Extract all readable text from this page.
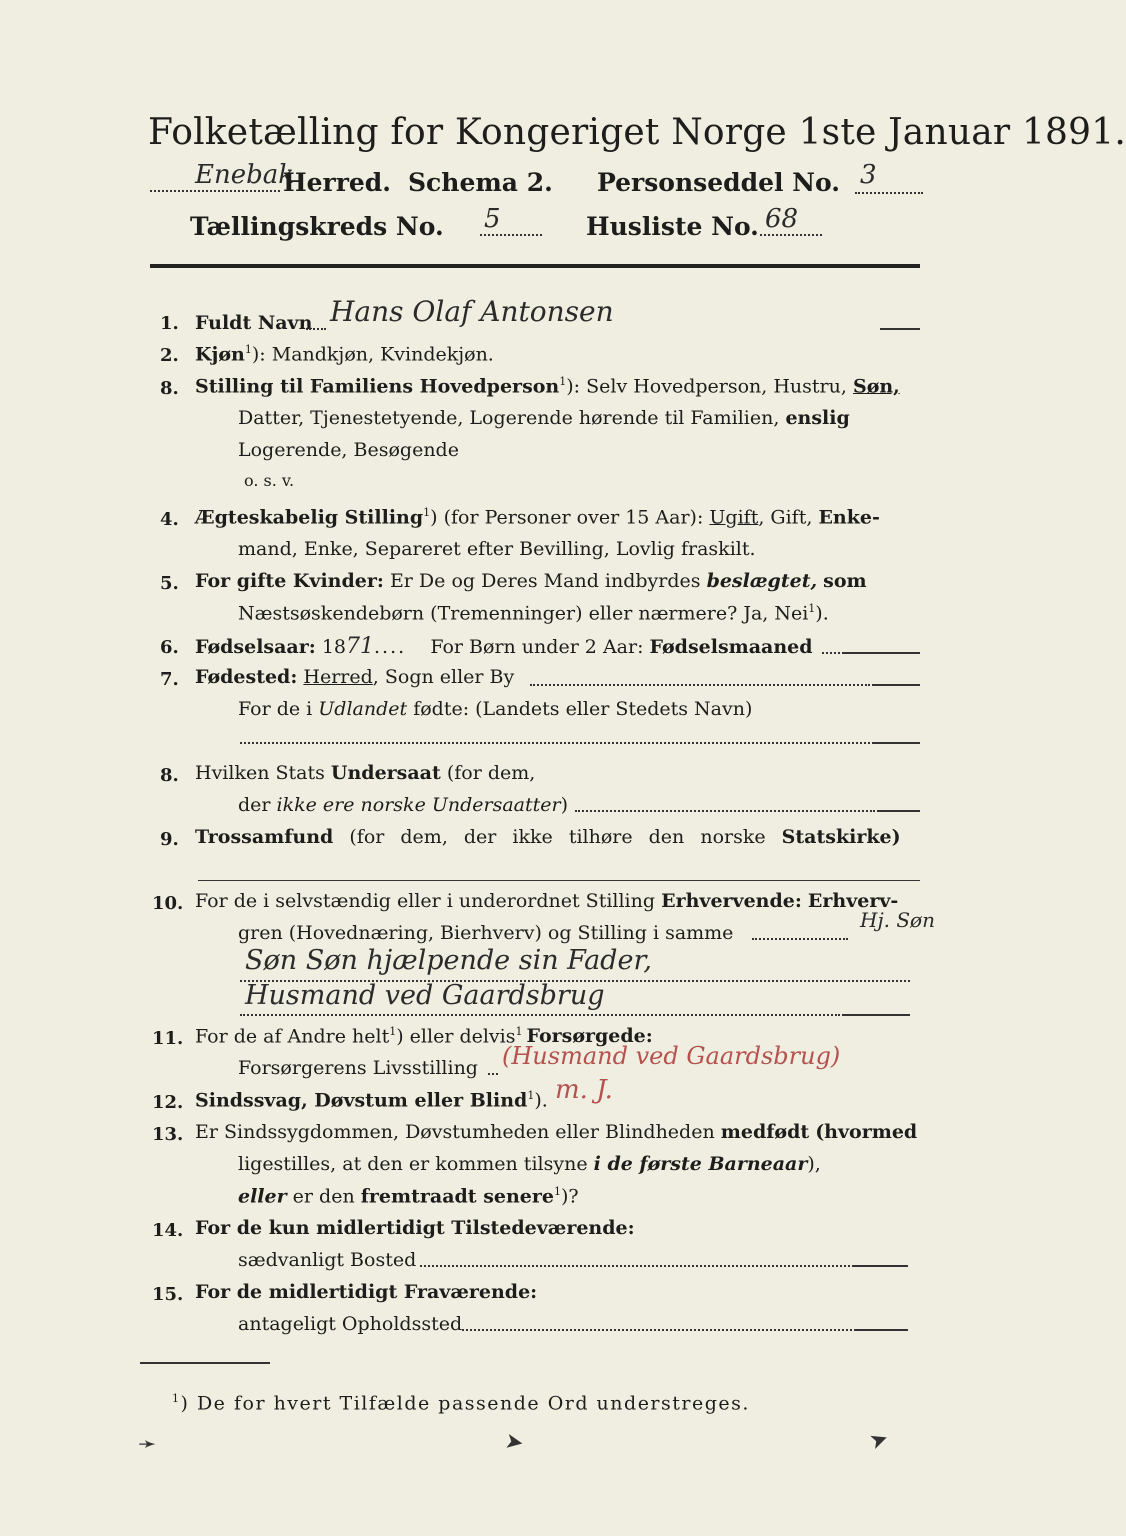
Folketælling for Kongeriget Norge 1ste Januar 1891.
Enebak
Herred. Schema 2. Personseddel No. 3
Tællingskreds No. 5	Husliste No. 68
1. Fuldt Navn Hans Olaf Antonsen
2. Kjøn$^1$): Mandkjøn, Kvindekjøn.
8. Stilling til Familiens Hovedperson$^1$): Selv Hovedperson, Hustru, Søn,
Datter, Tjenestetyende, Logerende hørende til Familien, enslig
Logerende, Besøgende
o. s. v.
4. Ægteskabelig Stilling$^1$) (for Personer over 15 Aar): Ugift, Gift, Enke-
mand, Enke, Separeret efter Bevilling, Lovlig fraskilt.
5. For gifte Kvinder: Er De og Deres Mand indbyrdes beslægtet, som
Næstsøskendebørn (Tremenninger) eller nærmere? Ja, Nei$^1$).
6. Fødselsaar: 1871.... For Børn under 2 Aar: Fødselsmaaned
7. Fødested: Herred, Sogn eller By
For de i Udlandet fødte: (Landets eller Stedets Navn)
8. Hvilken Stats Undersaat (for dem,
der ikke ere norske Undersaatter)
9. Trossamfund (for dem, der ikke tilhøre den norske Statskirke)
10. For de i selvstændig eller i underordnet Stilling Erhvervende: Erhverv-
gren (Hovednæring, Bierhverv) og Stilling i samme
Hj. Søn
Søn Søn hjælpende sin Fader,
Husmand ved Gaardsbrug
11. For de af Andre helt$^1$) eller delvis$^1$ Forsørgede:
Forsørgerens Livsstilling (Husmand ved Gaardsbrug)
12. Sindssvag, Døvstum eller Blind$^1$). m. J.
13. Er Sindssygdommen, Døvstumheden eller Blindheden medfødt (hvormed
ligestilles, at den er kommen tilsyne i de første Barneaar),
eller er den fremtraadt senere$^1$)?
14. For de kun midlertidigt Tilstedeværende:
sædvanligt Bosted
15. For de midlertidigt Fraværende:
antageligt Opholdssted
$^1$) De for hvert Tilfælde passende Ord understreges.
➛	➤	➤
